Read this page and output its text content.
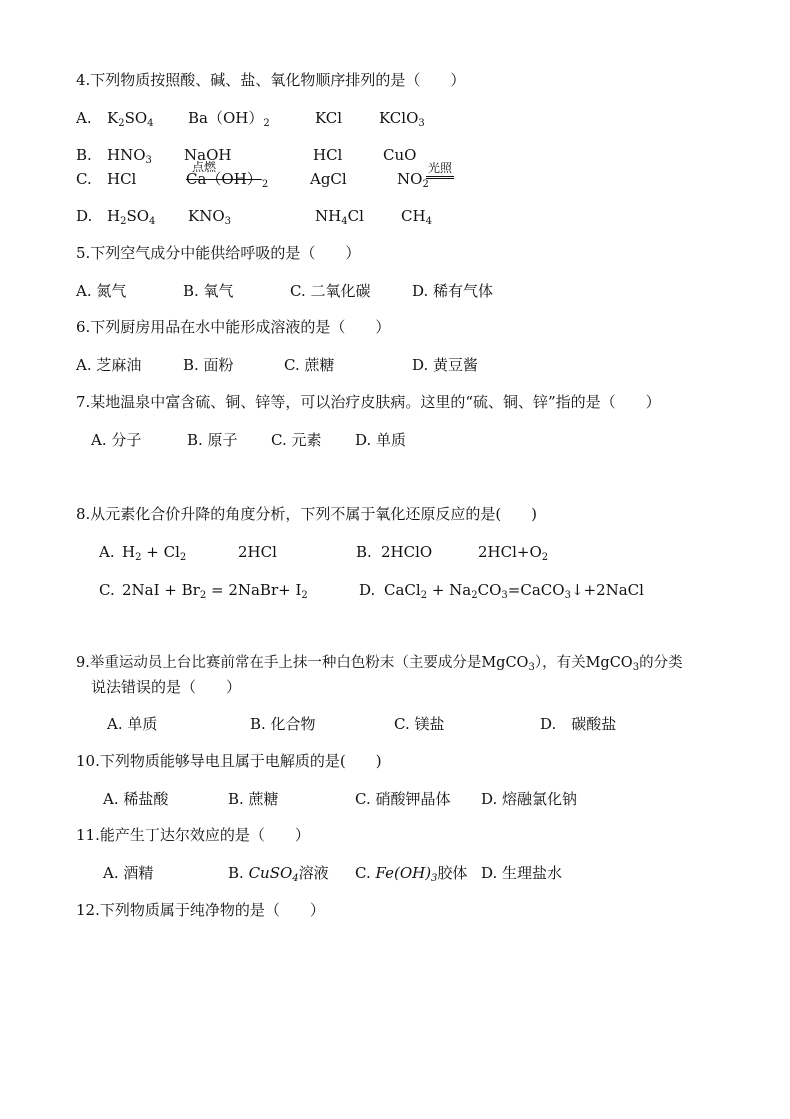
4.下列物质按照酸、碱、盐、氧化物顺序排列的是（　　）
A. $K_2SO_4$ $Ba(OH)_2$	KCl KClO$_3$
B. $HNO_3$ NaOH	HCl	CuO
点燃	光照
C. HCl	$Ca(OH)_2$	AgCl	$NO_2$
D. $H_2SO_4$ $KNO_3$	$NH_4Cl$ $CH_4$
5.下列空气成分中能供给呼吸的是（　　）
A. 氮气	B. 氧气	C. 二氧化碳	D. 稀有气体
6.下列厨房用品在水中能形成溶液的是（　　）
A. 芝麻油	B. 面粉	C. 蔗糖	D. 黄豆酱
7.某地温泉中富含硫、铜、锌等，可以治疗皮肤病。这里的“硫、铜、锌”指的是（　　）
A. 分子	B. 原子 C. 元素 D. 单质
8.从元素化合价升降的角度分析，下列不属于氧化还原反应的是(　　)
A. $H_2 + Cl_2$	2HCl	B. 2HClO	$2HCl+O_2$
C. $2NaI + Br_2$ = 2NaBr+ $I_2$	D. CaCl$_2$ + $Na_2CO_3=CaCO_3↓+2NaCl$
9.举重运动员上台比赛前常在手上抹一种白色粉末（主要成分是MgCO$_3$），有关MgCO$_3$的分类
说法错误的是（　　）
A. 单质	B. 化合物	C. 镁盐	D.　碳酸盐
10.下列物质能够导电且属于电解质的是(　　)
A. 稀盐酸	B. 蔗糖	C. 硝酸钾晶体 D. 熔融氯化钠
11.能产生丁达尔效应的是（　　）
A. 酒精	B. CuSO$_4$溶液 C. $Fe(OH)_3$胶体 D. 生理盐水
12.下列物质属于纯净物的是（　　）
